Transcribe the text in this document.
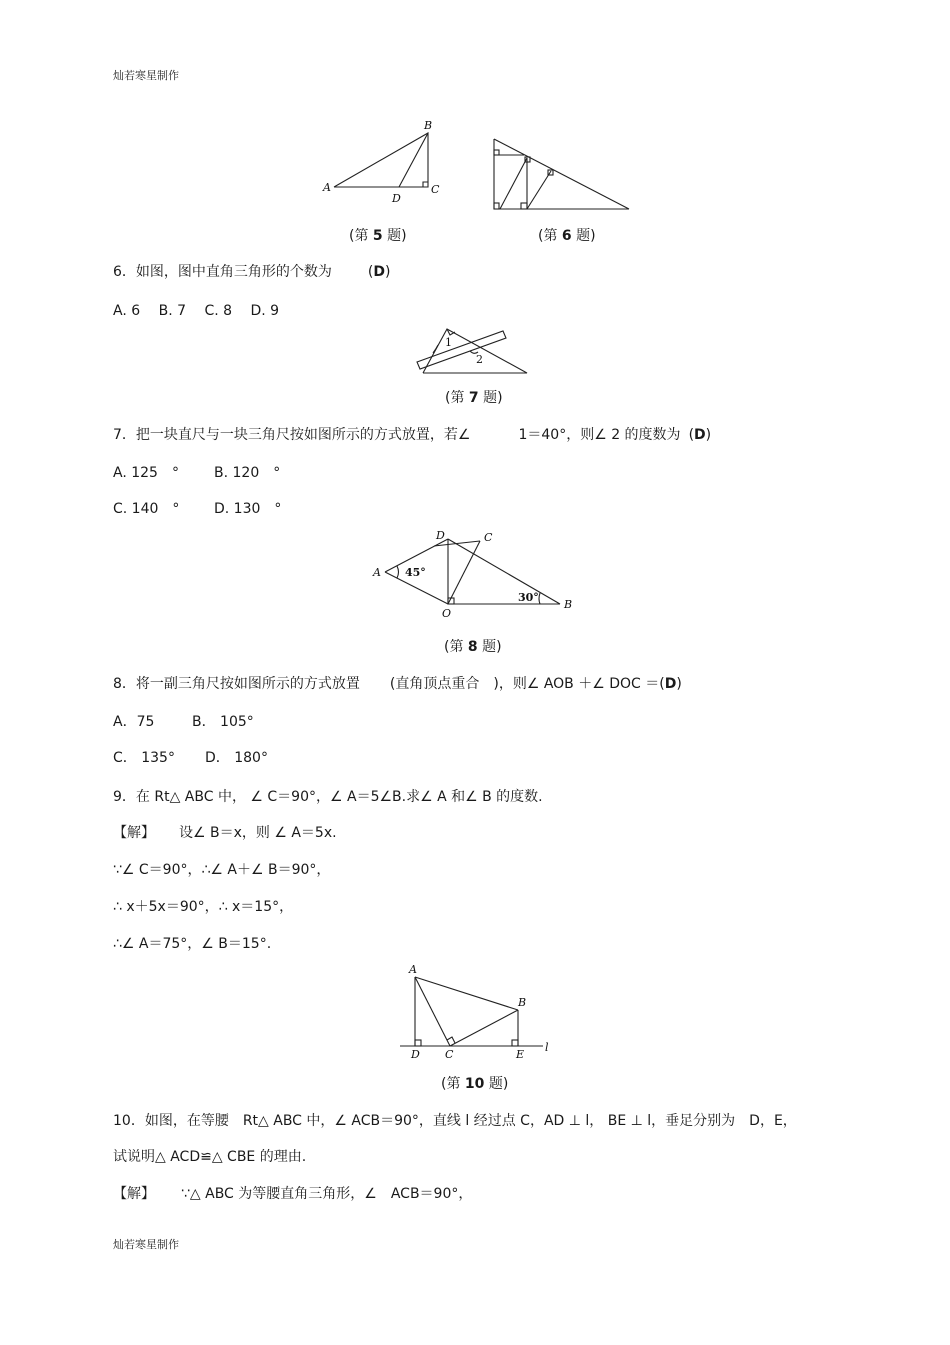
灿若寒星制作
灿若寒星制作
A
B
C
D
(第 5 题)	(第 6 题)
6．如图，图中直角三角形的个数为	(D)
A. 6　 B. 7　 C. 8　 D. 9
1
2
(第 7 题)
7．把一块直尺与一块三角尺按如图所示的方式放置，若∠	1＝40°，则∠ 2 的度数为 (D)
A. 125　°	B. 120　°
C. 140　° D. 130　°
A
B
C
D
O
45°
30°
(第 8 题)
8．将一副三角尺按如图所示的方式放置 (直角顶点重合　)，则∠ AOB ＋∠ DOC ＝(D)
A．75	B． 105°
C． 135° D． 180°
9．在 Rt△ ABC 中， ∠ C＝90°，∠ A＝5∠B.求∠ A 和∠ B 的度数.
【解】 设∠ B＝x，则 ∠ A＝5x.
∵∠ C＝90°，∴∠ A＋∠ B＝90°，
∴ x＋5x＝90°，∴ x＝15°，
∴∠ A＝75°，∠ B＝15°.
A
B
C
D	E
l
(第 10 题)
10．如图，在等腰　Rt△ ABC 中，∠ ACB＝90°，直线 l 经过点 C，AD ⊥ l， BE ⊥ l，垂足分别为　D，E，
试说明△ ACD≌△ CBE 的理由.
【解】 ∵△ ABC 为等腰直角三角形，∠　ACB＝90°，
